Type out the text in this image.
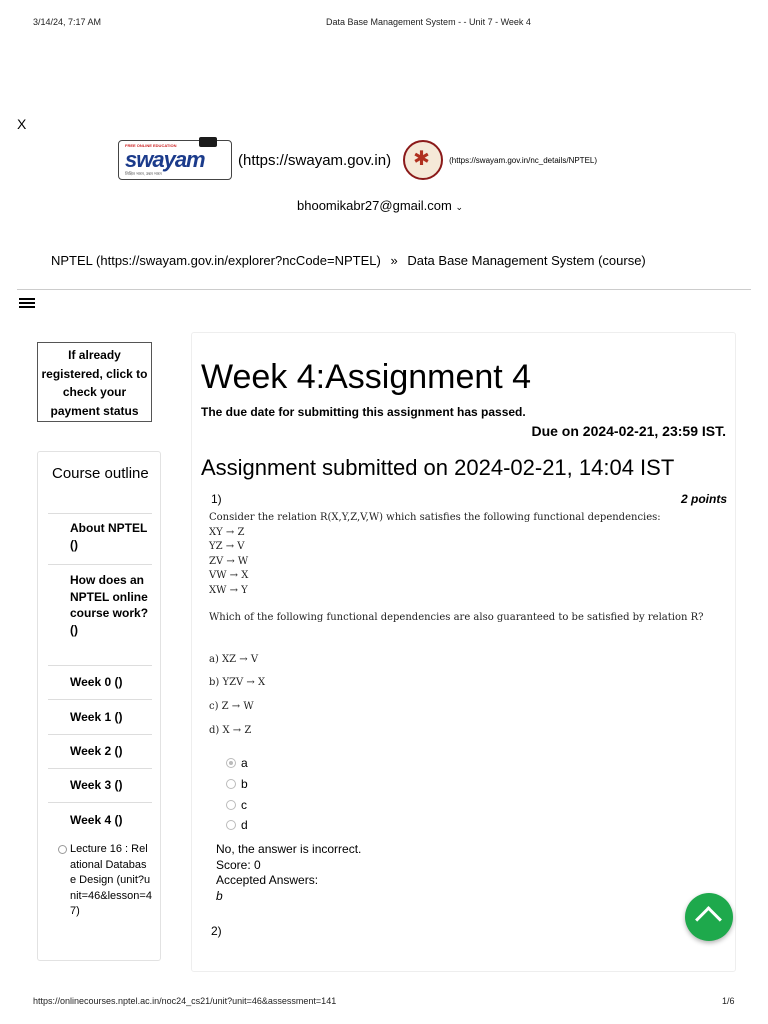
3/14/24, 7:17 AM	Data Base Management System - - Unit 7 - Week 4
X
FREE ONLINE EDUCATION
swayam
शिक्षित भारत, उन्नत भारत
(https://swayam.gov.in)
✱	(https://swayam.gov.in/nc_details/NPTEL)
bhoomikabr27@gmail.com ⌄
NPTEL (https://swayam.gov.in/explorer?ncCode=NPTEL) » Data Base Management System (course)
If already registered, click to check your payment status
Course outline
About NPTEL ()
How does an NPTEL online course work? ()
Week 0 ()
Week 1 ()
Week 2 ()
Week 3 ()
Week 4 ()
Lecture 16 : Relational Database Design (unit?unit=46&lesson=47)
Week 4:Assignment 4
The due date for submitting this assignment has passed.
Due on 2024-02-21, 23:59 IST.
Assignment submitted on 2024-02-21, 14:04 IST
1)	2 points
Consider the relation R(X,Y,Z,V,W) which satisfies the following functional dependencies:
XY → Z
YZ → V
ZV → W
VW → X
XW → Y
Which of the following functional dependencies are also guaranteed to be satisfied by relation R?
a) XZ → V
b) YZV → X
c) Z → W
d) X → Z
a
b
c
d
No, the answer is incorrect.
Score: 0
Accepted Answers:
b
2)
https://onlinecourses.nptel.ac.in/noc24_cs21/unit?unit=46&assessment=141	1/6
